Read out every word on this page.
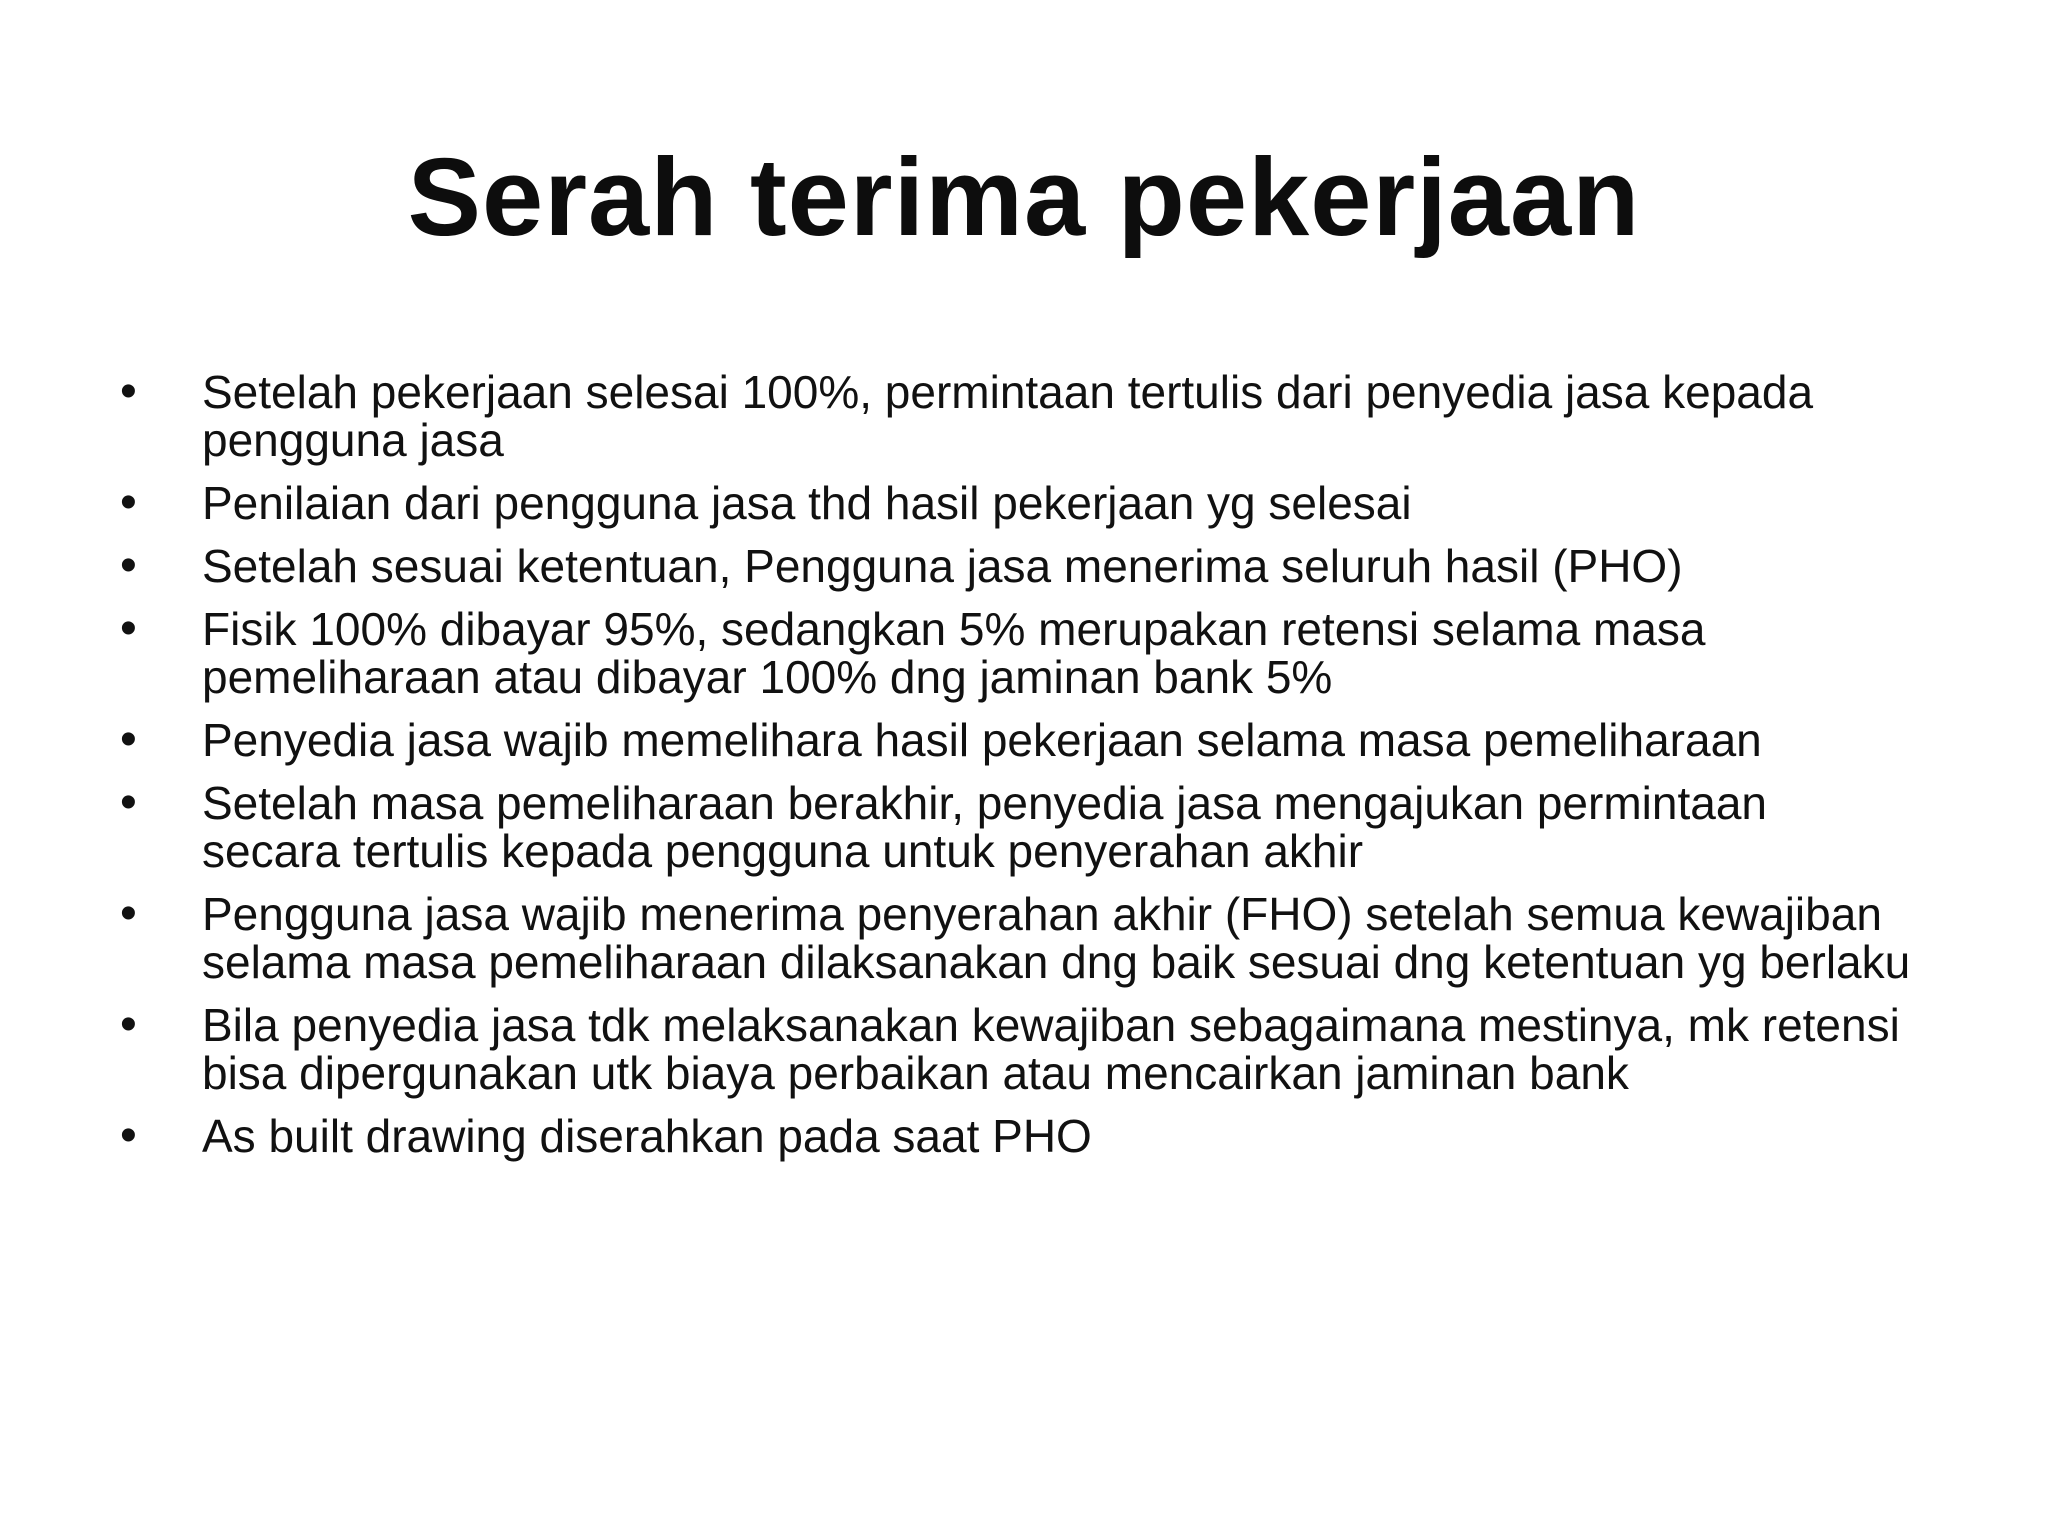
Serah terima pekerjaan
•	Setelah pekerjaan selesai 100%, permintaan tertulis dari penyedia jasa kepada
pengguna jasa
•	Penilaian dari pengguna jasa thd hasil pekerjaan yg selesai
•	Setelah sesuai ketentuan, Pengguna jasa menerima seluruh hasil (PHO)
•	Fisik 100% dibayar 95%, sedangkan 5% merupakan retensi selama masa
pemeliharaan atau dibayar 100% dng jaminan bank 5%
•	Penyedia jasa wajib memelihara hasil pekerjaan selama masa pemeliharaan
•	Setelah masa pemeliharaan berakhir, penyedia jasa mengajukan permintaan
secara tertulis kepada pengguna untuk penyerahan akhir
•	Pengguna jasa wajib menerima penyerahan akhir (FHO) setelah semua kewajiban
selama masa pemeliharaan dilaksanakan dng baik sesuai dng ketentuan yg berlaku
•	Bila penyedia jasa tdk melaksanakan kewajiban sebagaimana mestinya, mk retensi
bisa dipergunakan utk biaya perbaikan atau mencairkan jaminan bank
•	As built drawing diserahkan pada saat PHO
